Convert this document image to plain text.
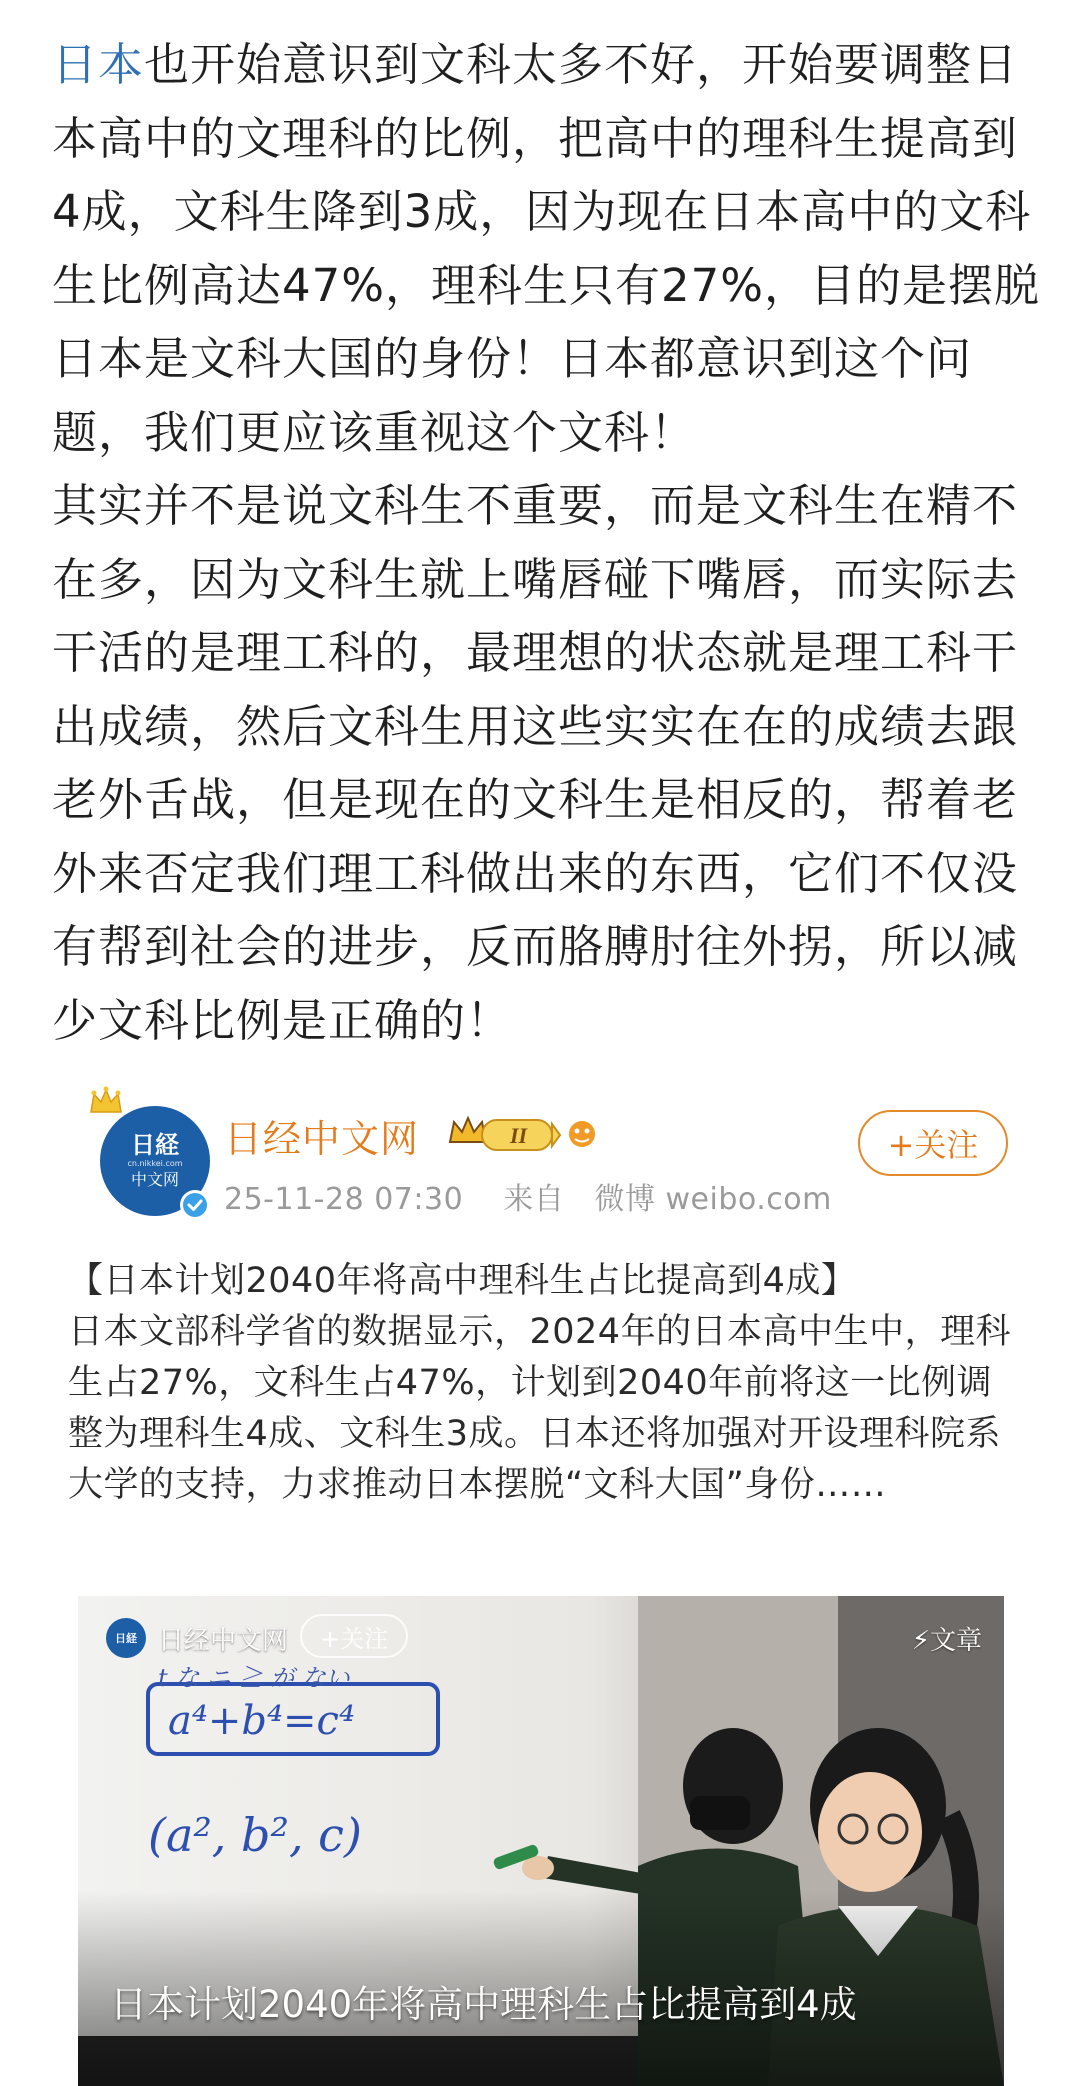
日本也开始意识到文科太多不好，开始要调整日本高中的文理科的比例，把高中的理科生提高到4成，文科生降到3成，因为现在日本高中的文科生比例高达47%，理科生只有27%，目的是摆脱日本是文科大国的身份！日本都意识到这个问题，我们更应该重视这个文科！

其实并不是说文科生不重要，而是文科生在精不在多，因为文科生就上嘴唇碰下嘴唇，而实际去干活的是理工科的，最理想的状态就是理工科干出成绩，然后文科生用这些实实在在的成绩去跟老外舌战，但是现在的文科生是相反的，帮着老外来否定我们理工科做出来的东西，它们不仅没有帮到社会的进步，反而胳膊肘往外拐，所以减少文科比例是正确的！

日経
cn.nikkei.com
中文网
日经中文网	II
25-11-28 07:30 来自 微博 weibo.com
+关注

【日本计划2040年将高中理科生占比提高到4成】

日本文部科学省的数据显示，2024年的日本高中生中，理科生占27%，文科生占47%，计划到2040年前将这一比例调整为理科生4成、文科生3成。日本还将加强对开设理科院系大学的支持，力求推动日本摆脱“文科大国”身份……

日経 日经中文网	+关注	⚡文章
日本计划2040年将高中理科生占比提高到4成
